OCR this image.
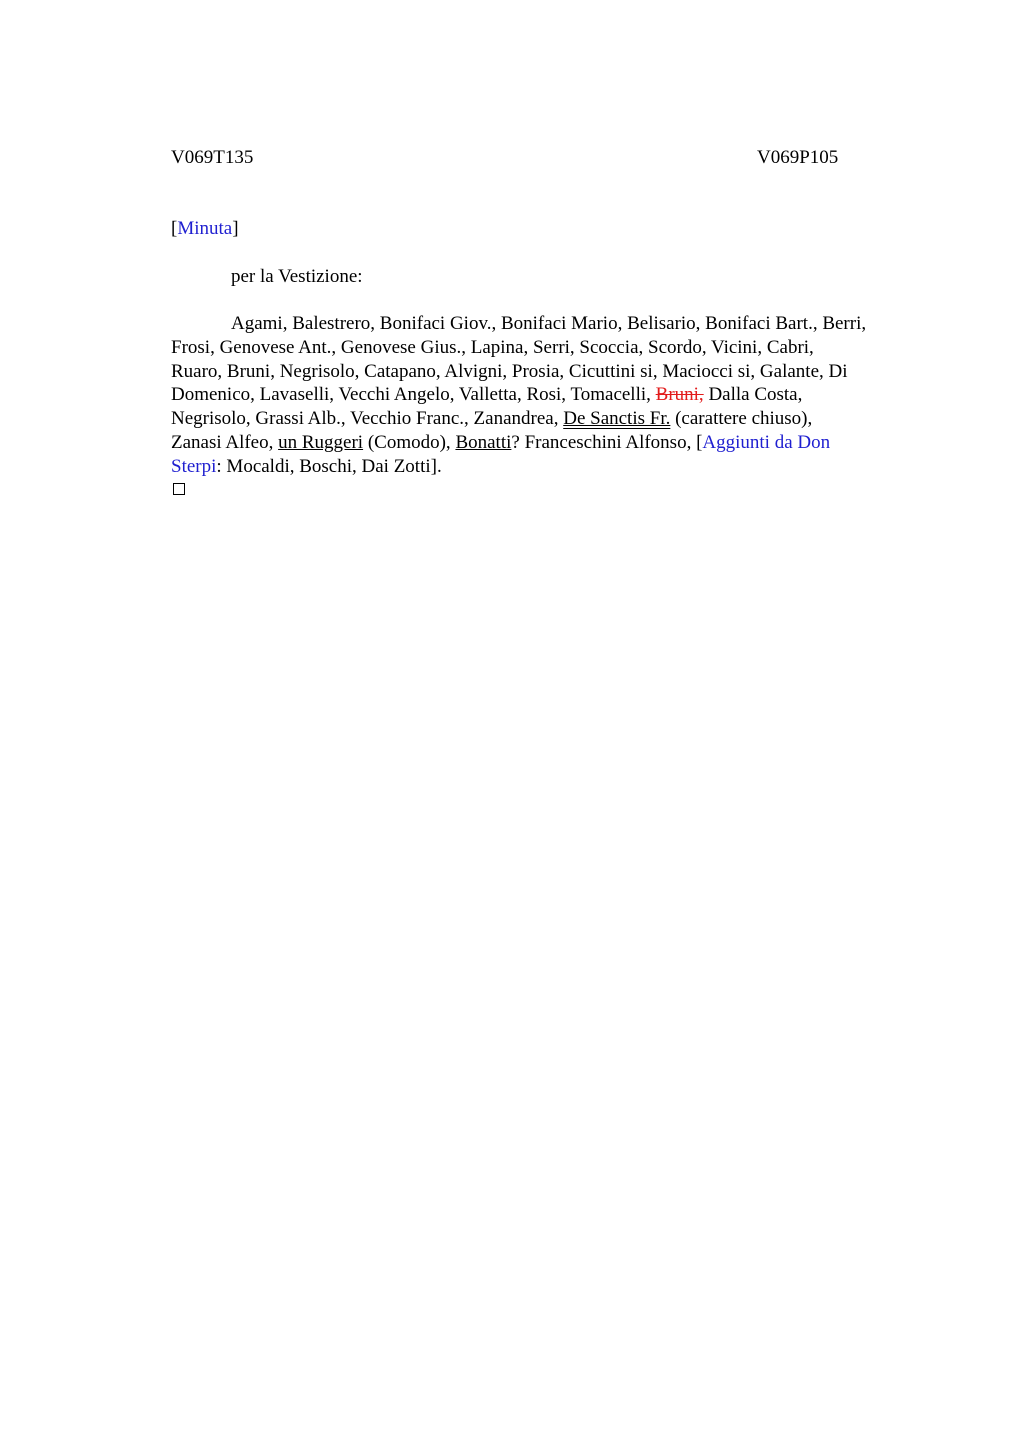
V069T135	V069P105
[Minuta]
per la Vestizione:
Agami, Balestrero, Bonifaci Giov., Bonifaci Mario, Belisario, Bonifaci Bart., Berri,
Frosi, Genovese Ant., Genovese Gius., Lapina, Serri, Scoccia, Scordo, Vicini, Cabri,
Ruaro, Bruni, Negrisolo, Catapano, Alvigni, Prosia, Cicuttini si, Maciocci si, Galante, Di
Domenico, Lavaselli, Vecchi Angelo, Valletta, Rosi, Tomacelli, Bruni, Dalla Costa,
Negrisolo, Grassi Alb., Vecchio Franc., Zanandrea, De Sanctis Fr. (carattere chiuso),
Zanasi Alfeo, un Ruggeri (Comodo), Bonatti? Franceschini Alfonso, [Aggiunti da Don
Sterpi: Mocaldi, Boschi, Dai Zotti].
